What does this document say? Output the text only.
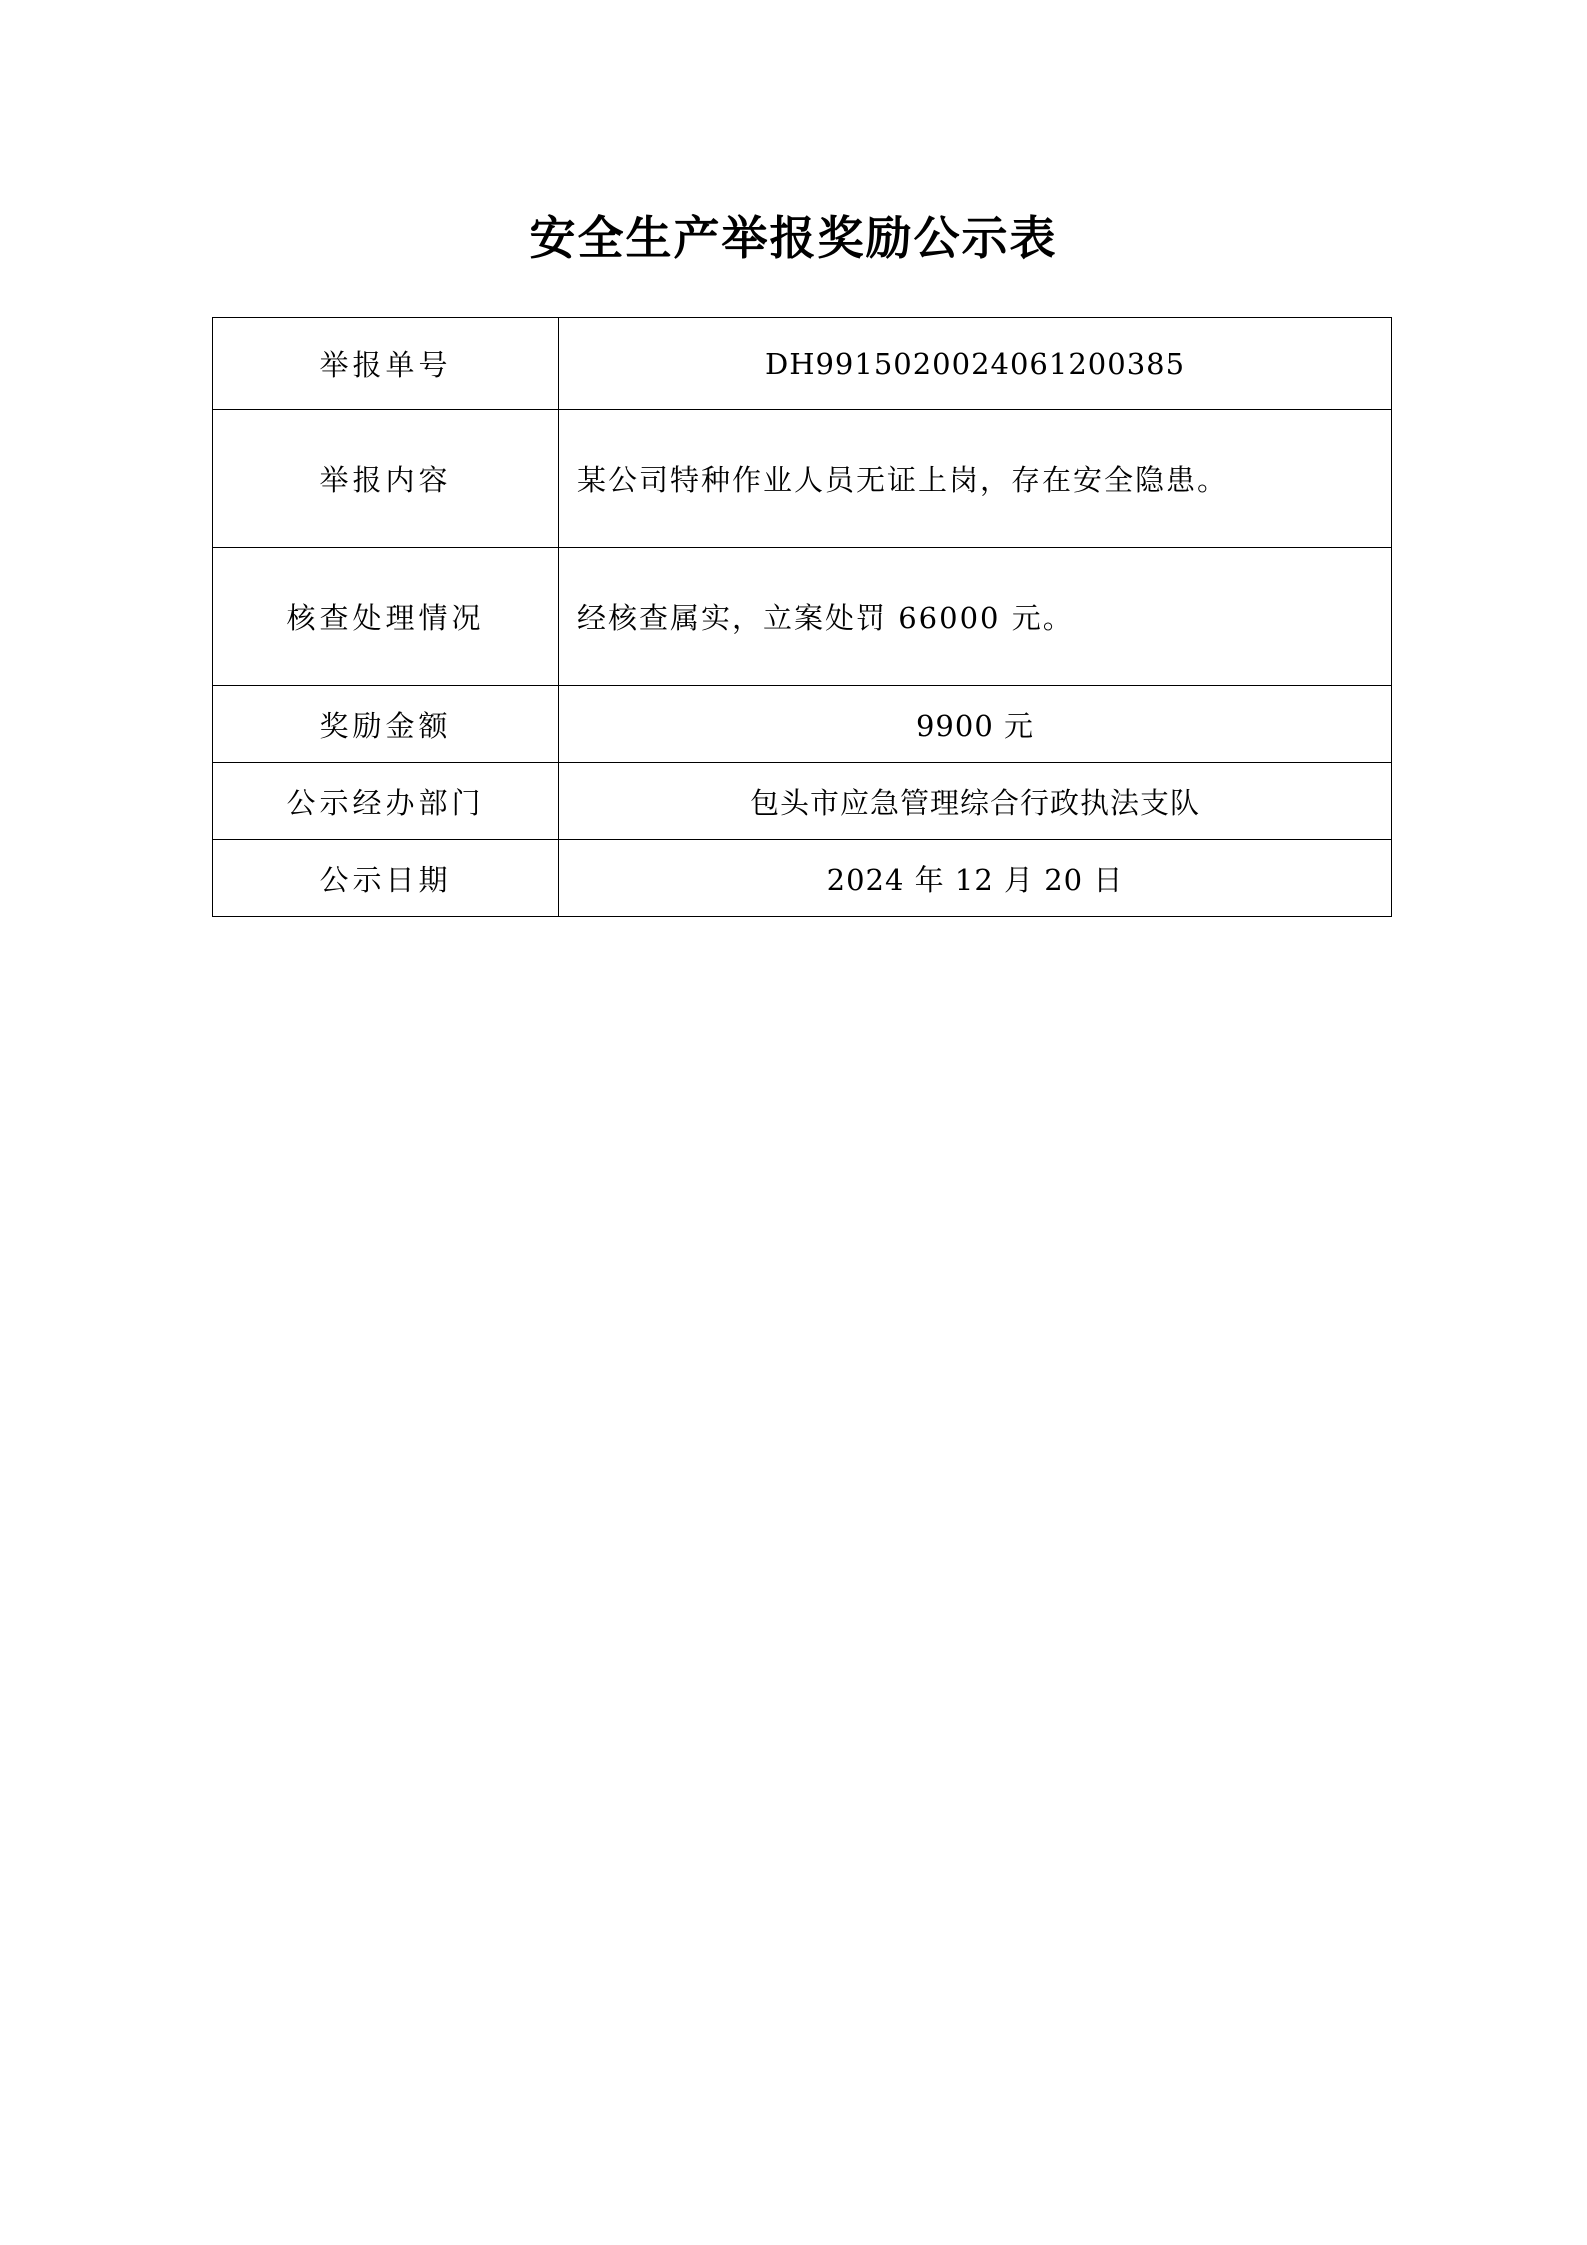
安全生产举报奖励公示表
举报单号	DH9915020024061200385
举报内容	某公司特种作业人员无证上岗，存在安全隐患。
核查处理情况	经核查属实，立案处罚 66000 元。
奖励金额	9900 元
公示经办部门	包头市应急管理综合行政执法支队
公示日期	2024 年 12 月 20 日
